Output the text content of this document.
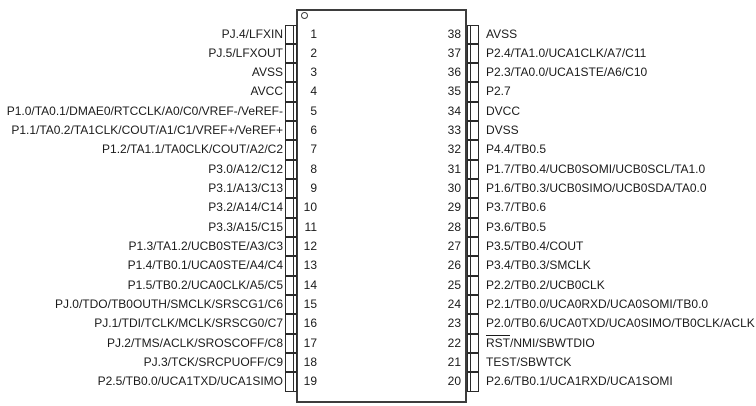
PJ.4/LFXIN	1	38 AVSS
PJ.5/LFXOUT	2	37 P2.4/TA1.0/UCA1CLK/A7/C11
AVSS	3	36 P2.3/TA0.0/UCA1STE/A6/C10
AVCC	4	35 P2.7
P1.0/TA0.1/DMAE0/RTCCLK/A0/C0/VREF-/VeREF-	5	34 DVCC
P1.1/TA0.2/TA1CLK/COUT/A1/C1/VREF+/VeREF+	6	33 DVSS
P1.2/TA1.1/TA0CLK/COUT/A2/C2	7	32 P4.4/TB0.5
P3.0/A12/C12	8	31 P1.7/TB0.4/UCB0SOMI/UCB0SCL/TA1.0
P3.1/A13/C13	9	30 P1.6/TB0.3/UCB0SIMO/UCB0SDA/TA0.0
P3.2/A14/C14	10	29 P3.7/TB0.6
P3.3/A15/C15	11	28 P3.6/TB0.5
P1.3/TA1.2/UCB0STE/A3/C3	12	27 P3.5/TB0.4/COUT
P1.4/TB0.1/UCA0STE/A4/C4	13	26 P3.4/TB0.3/SMCLK
P1.5/TB0.2/UCA0CLK/A5/C5	14	25 P2.2/TB0.2/UCB0CLK
PJ.0/TDO/TB0OUTH/SMCLK/SRSCG1/C6	15	24 P2.1/TB0.0/UCA0RXD/UCA0SOMI/TB0.0
PJ.1/TDI/TCLK/MCLK/SRSCG0/C7	16	23 P2.0/TB0.6/UCA0TXD/UCA0SIMO/TB0CLK/ACLK
PJ.2/TMS/ACLK/SROSCOFF/C8	17	22 $\overline{RST}/NMI$/SBWTDIO
PJ.3/TCK/SRCPUOFF/C9	18	21 TEST/SBWTCK
P2.5/TB0.0/UCA1TXD/UCA1SIMO	19	20 P2.6/TB0.1/UCA1RXD/UCA1SOMI
